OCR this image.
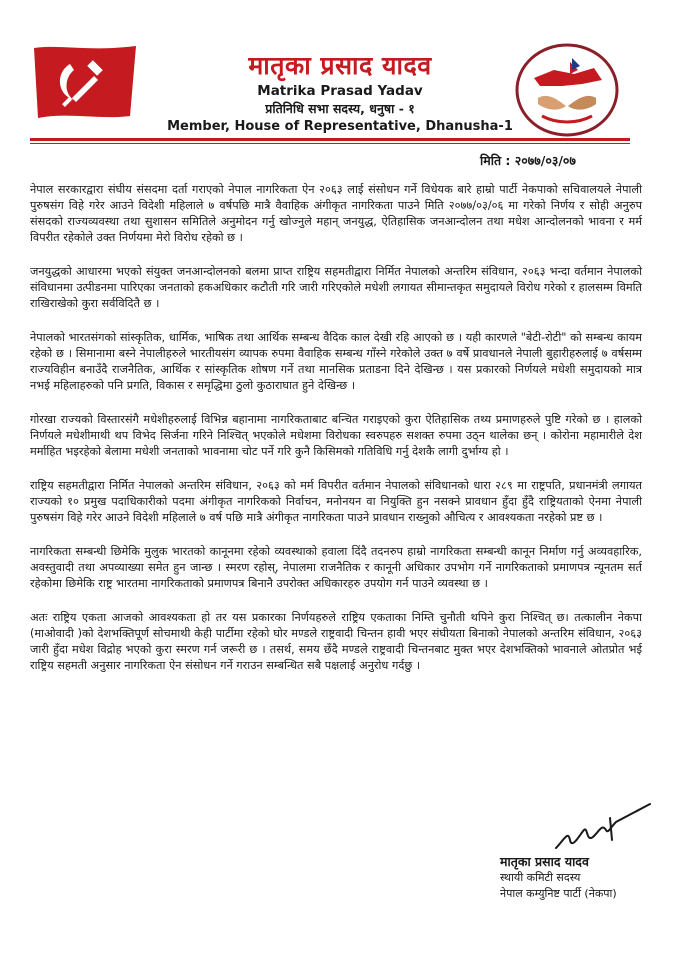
मातृका प्रसाद यादव
Matrika Prasad Yadav
प्रतिनिधि सभा सदस्य, धनुषा - १
Member, House of Representative, Dhanusha-1
मिति : २०७७/०३/०७

नेपाल सरकारद्वारा संघीय संसदमा दर्ता गराएको नेपाल नागरिकता ऐन २०६३ लाई संसोधन गर्ने विधेयक बारे हाम्रो पार्टी नेकपाको सचिवालयले नेपाली पुरुषसंग विहे गरेर आउने विदेशी महिलाले ७ वर्षपछि मात्रै वैवाहिक अंगीकृत नागरिकता पाउने मिति २०७७/०३/०६ मा गरेको निर्णय र सोही अनुरुप संसदको राज्यव्यवस्था तथा सुशासन समितिले अनुमोदन गर्नु खोज्नुले महान् जनयुद्ध, ऐतिहासिक जनआन्दोलन तथा मधेश आन्दोलनको भावना र मर्म विपरीत रहेकोले उक्त निर्णयमा मेरो विरोध रहेको छ ।

जनयुद्धको आधारमा भएको संयुक्त जनआन्दोलनको बलमा प्राप्त राष्ट्रिय सहमतीद्वारा निर्मित नेपालको अन्तरिम संविधान, २०६३ भन्दा वर्तमान नेपालको संविधानमा उत्पीडनमा पारिएका जनताको हकअधिकार कटौती गरि जारी गरिएकोले मधेशी लगायत सीमान्तकृत समुदायले विरोध गरेको र हालसम्म विमति राखिराखेको कुरा सर्वविदितै छ ।

नेपालको भारतसंगको सांस्कृतिक, धार्मिक, भाषिक तथा आर्थिक सम्बन्ध वैदिक काल देखी रहि आएको छ । यही कारणले "बेटी-रोटी" को सम्बन्ध कायम रहेको छ । सिमानामा बस्ने नेपालीहरुले भारतीयसंग व्यापक रुपमा वैवाहिक सम्बन्ध गाँस्ने गरेकोले उक्त ७ वर्षे प्रावधानले नेपाली बुहारीहरुलाई ७ वर्षसम्म राज्यविहीन बनाउँदै राजनैतिक, आर्थिक र सांस्कृतिक शोषण गर्ने तथा मानसिक प्रताडना दिने देखिन्छ । यस प्रकारको निर्णयले मधेशी समुदायको मात्र नभई महिलाहरुको पनि प्रगति, विकास र समृद्धिमा ठुलो कुठाराघात हुने देखिन्छ ।

गोरखा राज्यको विस्तारसंगै मधेशीहरुलाई विभिन्न बहानामा नागरिकताबाट बन्चित गराइएको कुरा ऐतिहासिक तथ्य प्रमाणहरुले पुष्टि गरेको छ । हालको निर्णयले मधेशीमाथी थप विभेद सिर्जना गरिने निश्चित् भएकोले मधेशमा विरोधका स्वरुपहरु सशक्त रुपमा उठ्न थालेका छन् । कोरोना महामारीले देश मर्माहित भइरहेको बेलामा मधेशी जनताको भावनामा चोट पर्ने गरि कुनै किसिमको गतिविधि गर्नु देशकै लागी दुर्भाग्य हो ।

राष्ट्रिय सहमतीद्वारा निर्मित नेपालको अन्तरिम संविधान, २०६३ को मर्म विपरीत वर्तमान नेपालको संविधानको धारा २८९ मा राष्ट्रपति, प्रधानमंत्री लगायत राज्यको १० प्रमुख पदाधिकारीको पदमा अंगीकृत नागरिकको निर्वाचन, मनोनयन वा नियुक्ति हुन नसक्ने प्रावधान हुँदा हुँदै राष्ट्रियताको ऐनमा नेपाली पुरुषसंग विहे गरेर आउने विदेशी महिलाले ७ वर्ष पछि मात्रै अंगीकृत नागरिकता पाउने प्रावधान राख्नुको औचित्य र आवश्यकता नरहेको प्रष्ट छ ।

नागरिकता सम्बन्धी छिमेकि मुलुक भारतको कानूनमा रहेको व्यवस्थाको हवाला दिंदै तदनरुप हाम्रो नागरिकता सम्बन्धी कानून निर्माण गर्नु अव्यवहारिक, अवस्तुवादी तथा अपव्याख्या समेत हुन जान्छ । स्मरण रहोस्, नेपालमा राजनैतिक र कानूनी अधिकार उपभोग गर्ने नागरिकताको प्रमाणपत्र न्यूनतम सर्त रहेकोमा छिमेकि राष्ट्र भारतमा नागरिकताको प्रमाणपत्र बिनानै उपरोक्त अधिकारहरु उपयोग गर्न पाउने व्यवस्था छ ।

अतः राष्ट्रिय एकता आजको आवश्यकता हो तर यस प्रकारका निर्णयहरुले राष्ट्रिय एकताका निम्ति चुनौती थपिने कुरा निश्चित् छ। तत्कालीन नेकपा (माओवादी )को देशभक्तिपूर्ण सोचमाथी केही पार्टीमा रहेको घोर मण्डले राष्ट्रवादी चिन्तन हावी भएर संघीयता बिनाको नेपालको अन्तरिम संविधान, २०६३ जारी हुँदा मधेश विद्रोह भएको कुरा स्मरण गर्न जरूरी छ । तसर्थ, समय छँदै मण्डले राष्ट्रवादी चिन्तनबाट मुक्त भएर देशभक्तिको भावनाले ओतप्रोत भई राष्ट्रिय सहमती अनुसार नागरिकता ऐन संसोधन गर्ने गराउन सम्बन्धित सबै पक्षलाई अनुरोध गर्दछु ।

मातृका प्रसाद यादव
स्थायी कमिटी सदस्य
नेपाल कम्युनिष्ट पार्टी (नेकपा)
